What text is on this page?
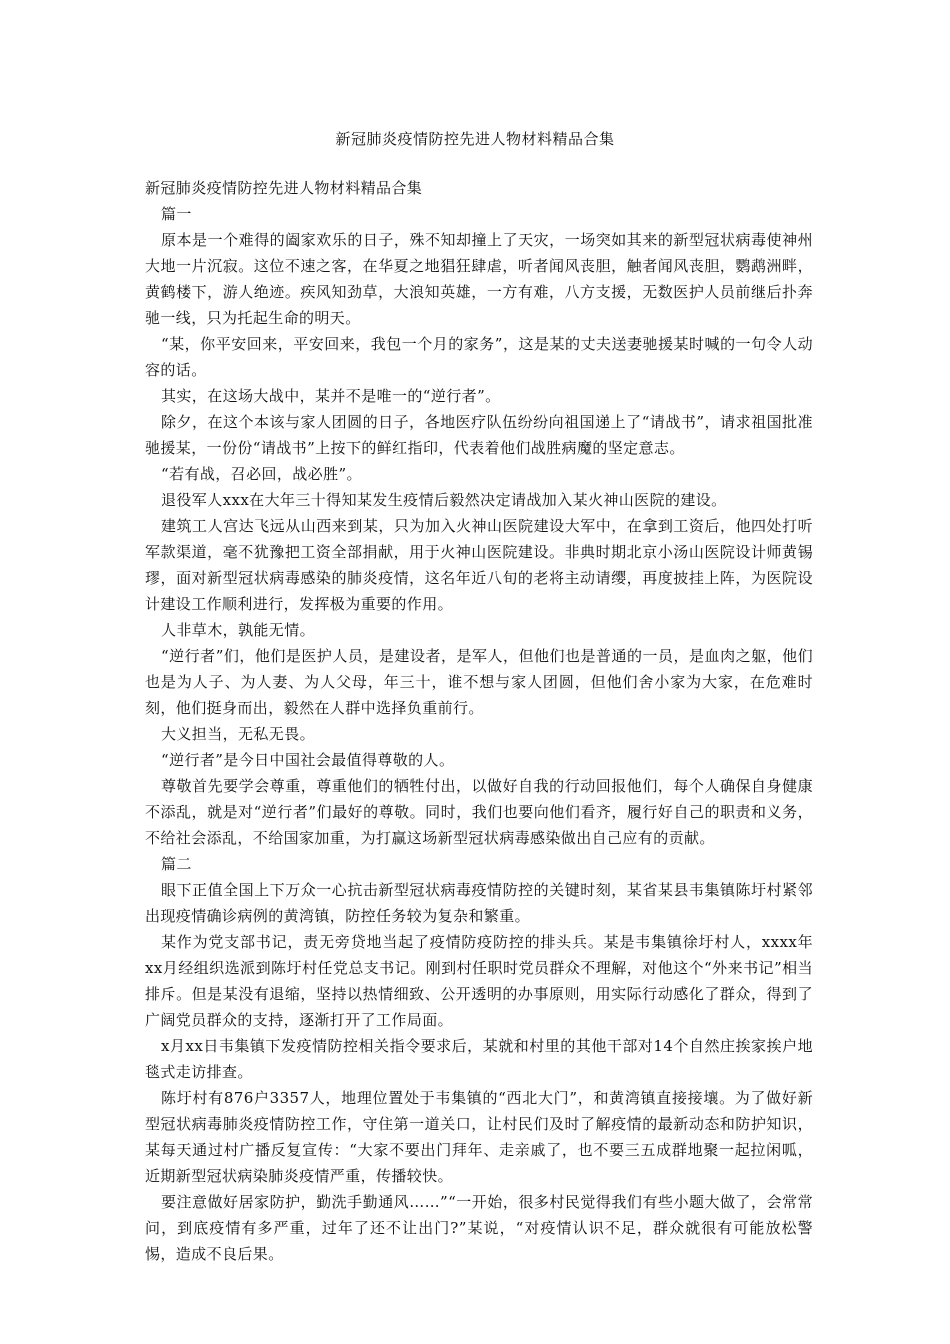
新冠肺炎疫情防控先进人物材料精品合集

新冠肺炎疫情防控先进人物材料精品合集

篇一

原本是一个难得的阖家欢乐的日子，殊不知却撞上了天灾，一场突如其来的新型冠状病毒使神州大地一片沉寂。这位不速之客，在华夏之地猖狂肆虐，听者闻风丧胆，触者闻风丧胆，鹦鹉洲畔，黄鹤楼下，游人绝迹。疾风知劲草，大浪知英雄，一方有难，八方支援，无数医护人员前继后扑奔驰一线，只为托起生命的明天。

“某，你平安回来，平安回来，我包一个月的家务”，这是某的丈夫送妻驰援某时喊的一句令人动容的话。

其实，在这场大战中，某并不是唯一的“逆行者”。

除夕，在这个本该与家人团圆的日子，各地医疗队伍纷纷向祖国递上了“请战书”，请求祖国批准驰援某，一份份“请战书”上按下的鲜红指印，代表着他们战胜病魔的坚定意志。

“若有战，召必回，战必胜”。

退役军人xxx在大年三十得知某发生疫情后毅然决定请战加入某火神山医院的建设。

建筑工人宫达飞远从山西来到某，只为加入火神山医院建设大军中，在拿到工资后，他四处打听军款渠道，毫不犹豫把工资全部捐献，用于火神山医院建设。非典时期北京小汤山医院设计师黄锡璆，面对新型冠状病毒感染的肺炎疫情，这名年近八旬的老将主动请缨，再度披挂上阵，为医院设计建设工作顺利进行，发挥极为重要的作用。

人非草木，孰能无情。

“逆行者”们，他们是医护人员，是建设者，是军人，但他们也是普通的一员，是血肉之躯，他们也是为人子、为人妻、为人父母，年三十，谁不想与家人团圆，但他们舍小家为大家，在危难时刻，他们挺身而出，毅然在人群中选择负重前行。

大义担当，无私无畏。

“逆行者”是今日中国社会最值得尊敬的人。

尊敬首先要学会尊重，尊重他们的牺牲付出，以做好自我的行动回报他们，每个人确保自身健康不添乱，就是对“逆行者”们最好的尊敬。同时，我们也要向他们看齐，履行好自己的职责和义务，不给社会添乱，不给国家加重，为打赢这场新型冠状病毒感染做出自己应有的贡献。

篇二

眼下正值全国上下万众一心抗击新型冠状病毒疫情防控的关键时刻，某省某县韦集镇陈圩村紧邻出现疫情确诊病例的黄湾镇，防控任务较为复杂和繁重。

某作为党支部书记，责无旁贷地当起了疫情防疫防控的排头兵。某是韦集镇徐圩村人，xxxx年xx月经组织选派到陈圩村任党总支书记。刚到村任职时党员群众不理解，对他这个“外来书记”相当排斥。但是某没有退缩，坚持以热情细致、公开透明的办事原则，用实际行动感化了群众，得到了广阔党员群众的支持，逐渐打开了工作局面。

x月xx日韦集镇下发疫情防控相关指令要求后，某就和村里的其他干部对14个自然庄挨家挨户地毯式走访排查。

陈圩村有876户3357人，地理位置处于韦集镇的“西北大门”，和黄湾镇直接接壤。为了做好新型冠状病毒肺炎疫情防控工作，守住第一道关口，让村民们及时了解疫情的最新动态和防护知识，某每天通过村广播反复宣传：“大家不要出门拜年、走亲戚了，也不要三五成群地聚一起拉闲呱，近期新型冠状病染肺炎疫情严重，传播较快。

要注意做好居家防护，勤洗手勤通风……”“一开始，很多村民觉得我们有些小题大做了，会常常问，到底疫情有多严重，过年了还不让出门?”某说，“对疫情认识不足，群众就很有可能放松警惕，造成不良后果。
